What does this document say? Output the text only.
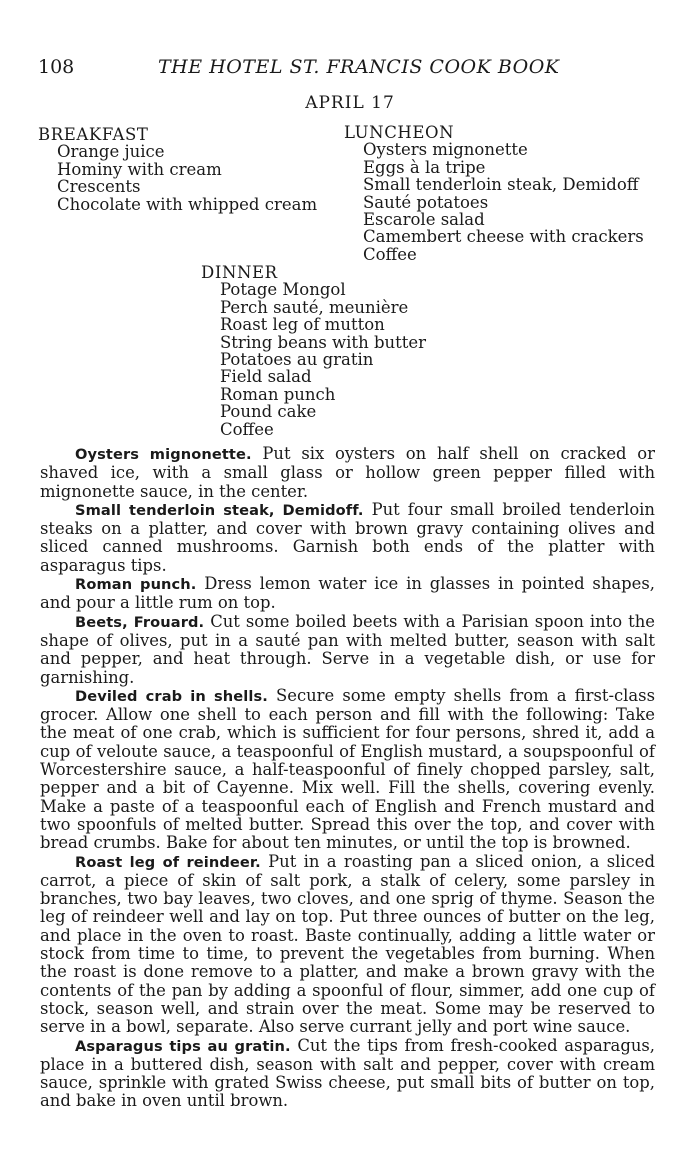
108	THE HOTEL ST. FRANCIS COOK BOOK
APRIL 17
BREAKFAST
Orange juice
Hominy with cream
Crescents
Chocolate with whipped cream
LUNCHEON
Oysters mignonette
Eggs à la tripe
Small tenderloin steak, Demidoff
Sauté potatoes
Escarole salad
Camembert cheese with crackers
Coffee
DINNER
Potage Mongol
Perch sauté, meunière
Roast leg of mutton
String beans with butter
Potatoes au gratin
Field salad
Roman punch
Pound cake
Coffee

Oysters mignonette. Put six oysters on half shell on cracked or shaved ice, with a small glass or hollow green pepper filled with mignonette sauce, in the center.

Small tenderloin steak, Demidoff. Put four small broiled tenderloin steaks on a platter, and cover with brown gravy containing olives and sliced canned mushrooms. Garnish both ends of the platter with asparagus tips.

Roman punch. Dress lemon water ice in glasses in pointed shapes, and pour a little rum on top.

Beets, Frouard. Cut some boiled beets with a Parisian spoon into the shape of olives, put in a sauté pan with melted butter, season with salt and pepper, and heat through. Serve in a vegetable dish, or use for garnishing.

Deviled crab in shells. Secure some empty shells from a first-class grocer. Allow one shell to each person and fill with the following: Take the meat of one crab, which is sufficient for four persons, shred it, add a cup of veloute sauce, a teaspoonful of English mustard, a soupspoonful of Worcestershire sauce, a half-teaspoonful of finely chopped parsley, salt, pepper and a bit of Cayenne. Mix well. Fill the shells, covering evenly. Make a paste of a teaspoonful each of English and French mustard and two spoonfuls of melted butter. Spread this over the top, and cover with bread crumbs. Bake for about ten minutes, or until the top is browned.

Roast leg of reindeer. Put in a roasting pan a sliced onion, a sliced carrot, a piece of skin of salt pork, a stalk of celery, some parsley in branches, two bay leaves, two cloves, and one sprig of thyme. Season the leg of reindeer well and lay on top. Put three ounces of butter on the leg, and place in the oven to roast. Baste continually, adding a little water or stock from time to time, to prevent the vegetables from burning. When the roast is done remove to a platter, and make a brown gravy with the contents of the pan by adding a spoonful of flour, simmer, add one cup of stock, season well, and strain over the meat. Some may be reserved to serve in a bowl, separate. Also serve currant jelly and port wine sauce.

Asparagus tips au gratin. Cut the tips from fresh-cooked asparagus, place in a buttered dish, season with salt and pepper, cover with cream sauce, sprinkle with grated Swiss cheese, put small bits of butter on top, and bake in oven until brown.
